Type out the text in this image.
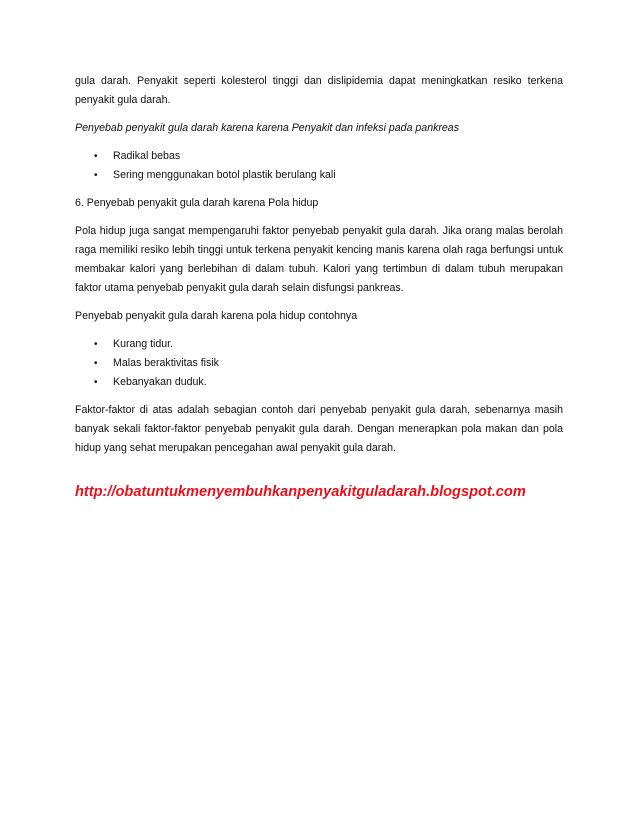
gula darah. Penyakit seperti kolesterol tinggi dan dislipidemia dapat meningkatkan resiko terkena penyakit gula darah.

Penyebab penyakit gula darah karena karena Penyakit dan infeksi pada pankreas

• Radikal bebas
• Sering menggunakan botol plastik berulang kali

6. Penyebab penyakit gula darah karena Pola hidup

Pola hidup juga sangat mempengaruhi faktor penyebab penyakit gula darah. Jika orang malas berolah raga memiliki resiko lebih tinggi untuk terkena penyakit kencing manis karena olah raga berfungsi untuk membakar kalori yang berlebihan di dalam tubuh. Kalori yang tertimbun di dalam tubuh merupakan faktor utama penyebab penyakit gula darah selain disfungsi pankreas.

Penyebab penyakit gula darah karena pola hidup contohnya

• Kurang tidur.
• Malas beraktivitas fisik
• Kebanyakan duduk.

Faktor-faktor di atas adalah sebagian contoh dari penyebab penyakit gula darah, sebenarnya masih banyak sekali faktor-faktor penyebab penyakit gula darah. Dengan menerapkan pola makan dan pola hidup yang sehat merupakan pencegahan awal penyakit gula darah.

http://obatuntukmenyembuhkanpenyakitguladarah.blogspot.com
